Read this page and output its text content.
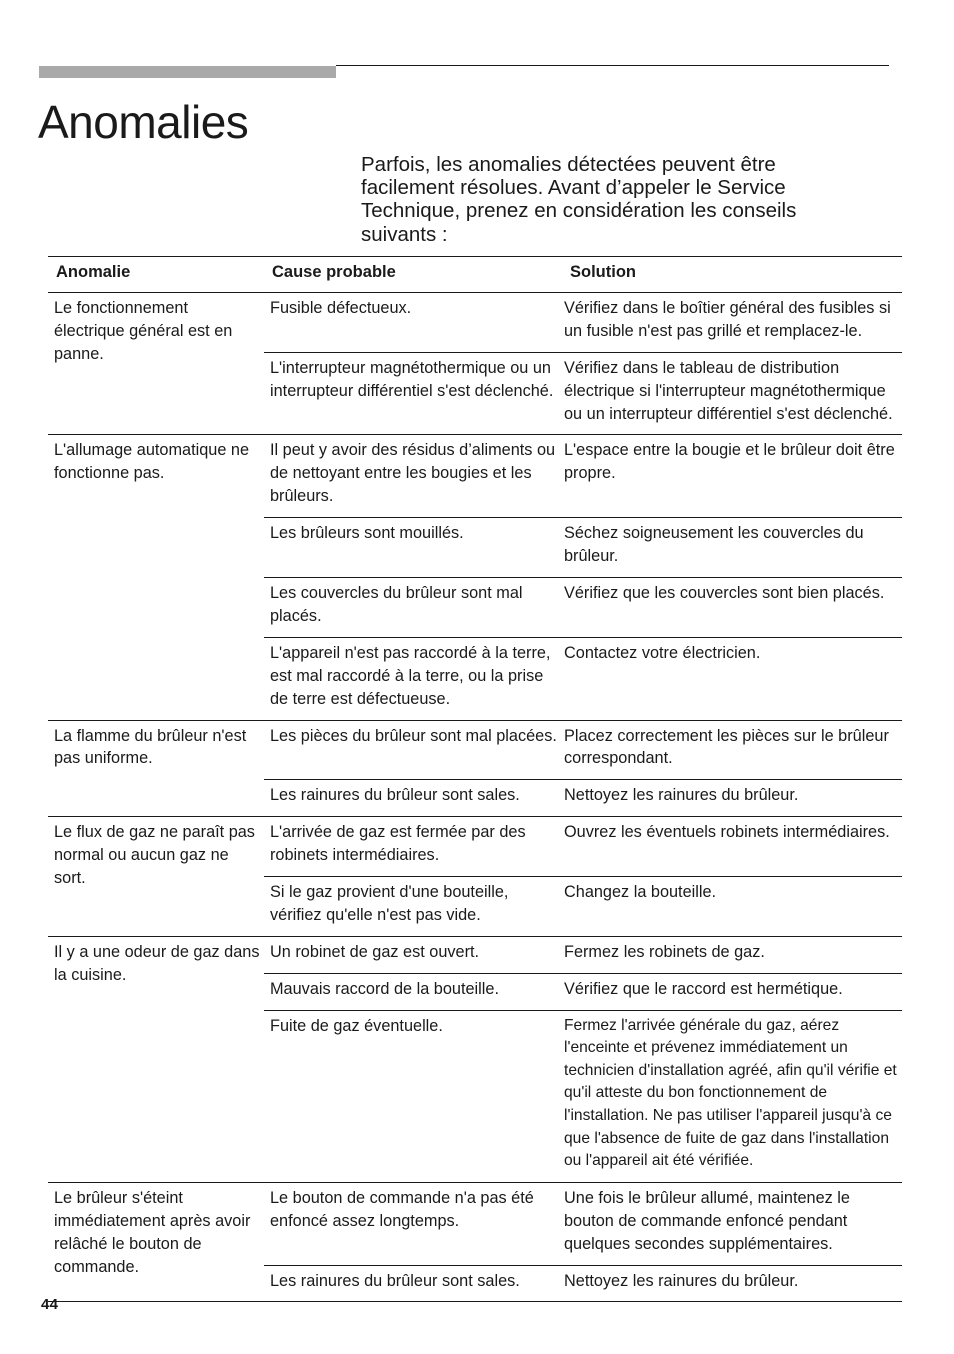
Anomalies

Parfois, les anomalies détectées peuvent être facilement résolues. Avant d’appeler le Service Technique, prenez en considération les conseils suivants :

Anomalie	Cause probable	Solution
Le fonctionnement électrique général est en panne.	Fusible défectueux.	Vérifiez dans le boîtier général des fusibles si un fusible n'est pas grillé et remplacez-le.
	L'interrupteur magnétothermique ou un interrupteur différentiel s'est déclenché.	Vérifiez dans le tableau de distribution électrique si l'interrupteur magnétothermique ou un interrupteur différentiel s'est déclenché.
L'allumage automatique ne fonctionne pas.	Il peut y avoir des résidus d’aliments ou de nettoyant entre les bougies et les brûleurs.	L'espace entre la bougie et le brûleur doit être propre.
	Les brûleurs sont mouillés.	Séchez soigneusement les couvercles du brûleur.
	Les couvercles du brûleur sont mal placés.	Vérifiez que les couvercles sont bien placés.
	L'appareil n'est pas raccordé à la terre, est mal raccordé à la terre, ou la prise de terre est défectueuse.	Contactez votre électricien.
La flamme du brûleur n'est pas uniforme.	Les pièces du brûleur sont mal placées.	Placez correctement les pièces sur le brûleur correspondant.
	Les rainures du brûleur sont sales.	Nettoyez les rainures du brûleur.
Le flux de gaz ne paraît pas normal ou aucun gaz ne sort.	L'arrivée de gaz est fermée par des robinets intermédiaires.	Ouvrez les éventuels robinets intermédiaires.
	Si le gaz provient d'une bouteille, vérifiez qu'elle n'est pas vide.	Changez la bouteille.
Il y a une odeur de gaz dans la cuisine.	Un robinet de gaz est ouvert.	Fermez les robinets de gaz.
	Mauvais raccord de la bouteille.	Vérifiez que le raccord est hermétique.
	Fuite de gaz éventuelle.	Fermez l'arrivée générale du gaz, aérez l'enceinte et prévenez immédiatement un technicien d'installation agréé, afin qu'il vérifie et qu'il atteste du bon fonctionnement de l'installation. Ne pas utiliser l'appareil jusqu'à ce que l'absence de fuite de gaz dans l'installation ou l'appareil ait été vérifiée.
Le brûleur s'éteint immédiatement après avoir relâché le bouton de commande.	Le bouton de commande n'a pas été enfoncé assez longtemps.	Une fois le brûleur allumé, maintenez le bouton de commande enfoncé pendant quelques secondes supplémentaires.
	Les rainures du brûleur sont sales.	Nettoyez les rainures du brûleur.
44
